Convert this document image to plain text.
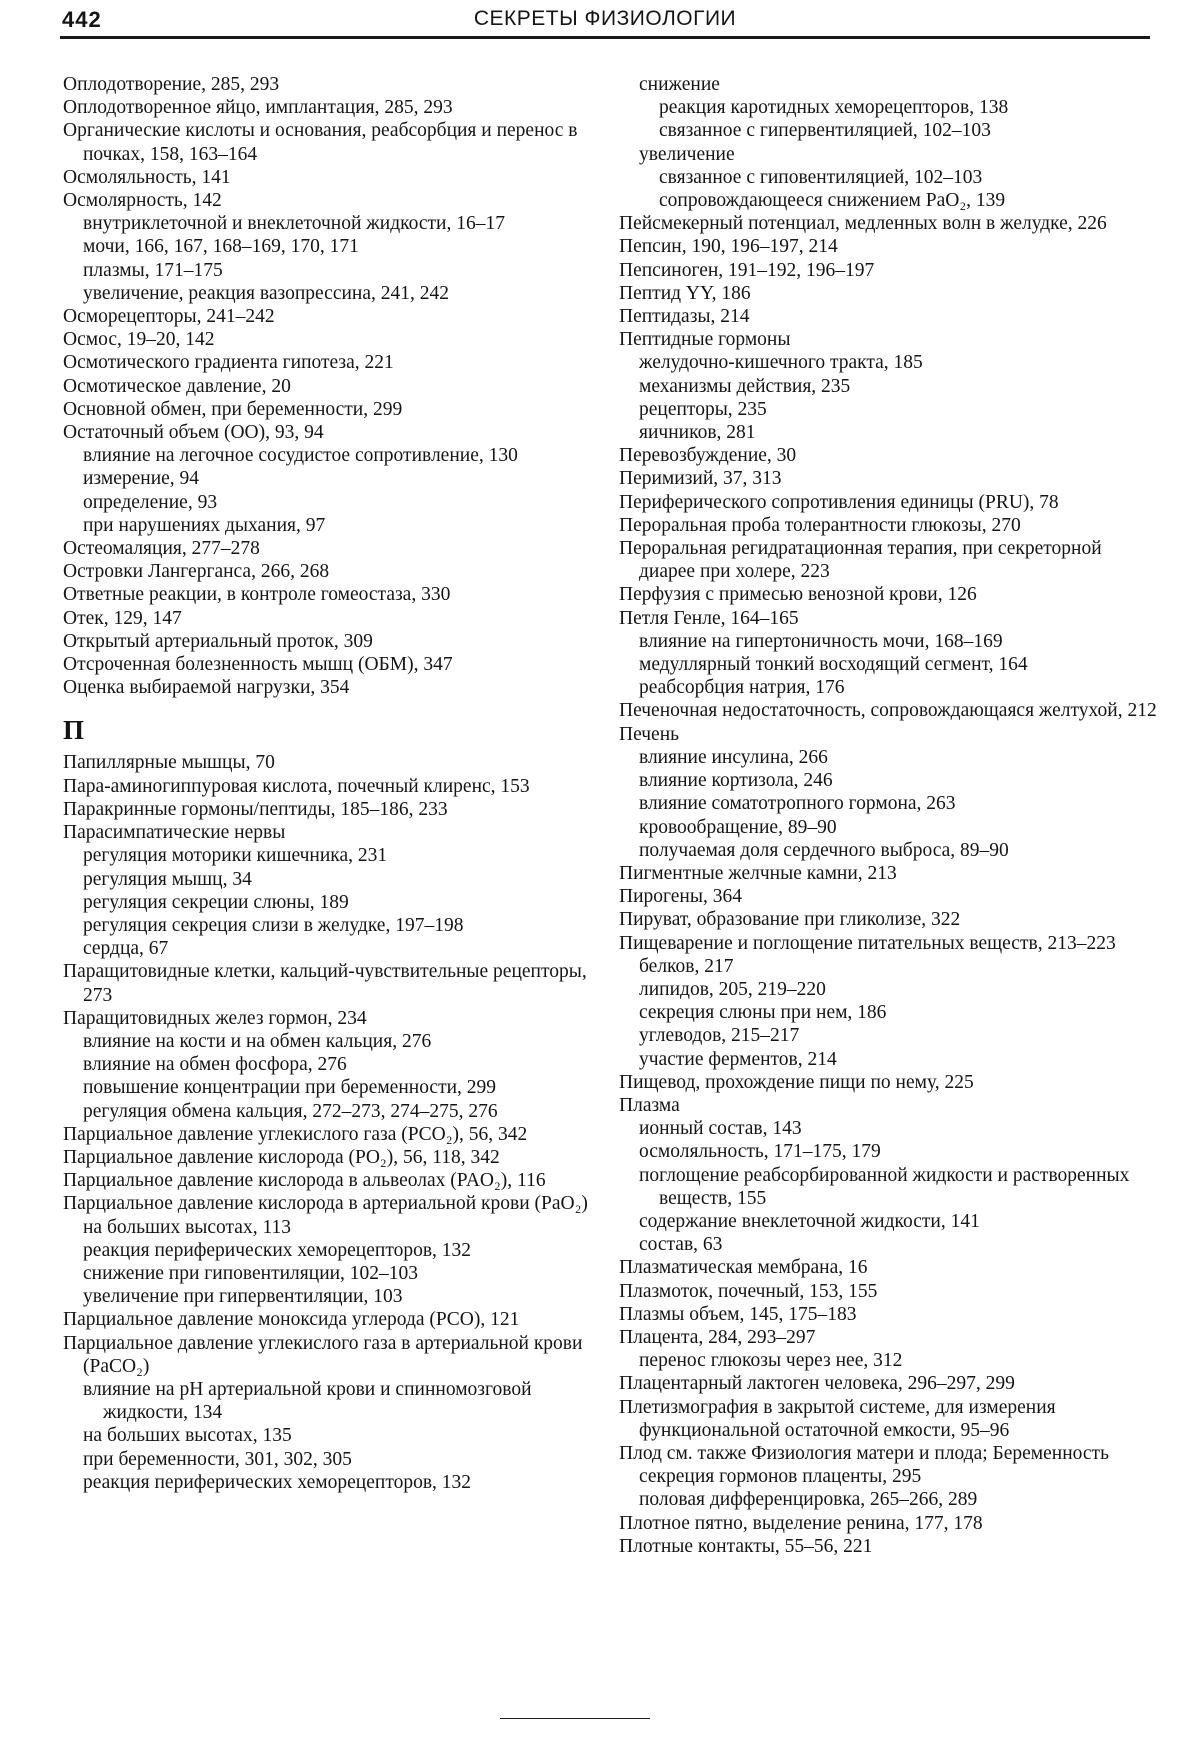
442	СЕКРЕТЫ ФИЗИОЛОГИИ
Оплодотворение, 285, 293
Оплодотворенное яйцо, имплантация, 285, 293
Органические кислоты и основания, реабсорбция и перенос в почках, 158, 163–164
Осмоляльность, 141
Осмолярность, 142
внутриклеточной и внеклеточной жидкости, 16–17
мочи, 166, 167, 168–169, 170, 171
плазмы, 171–175
увеличение, реакция вазопрессина, 241, 242
Осморецепторы, 241–242
Осмос, 19–20, 142
Осмотического градиента гипотеза, 221
Осмотическое давление, 20
Основной обмен, при беременности, 299
Остаточный объем (ОО), 93, 94
влияние на легочное сосудистое сопротивление, 130
измерение, 94
определение, 93
при нарушениях дыхания, 97
Остеомаляция, 277–278
Островки Лангерганса, 266, 268
Ответные реакции, в контроле гомеостаза, 330
Отек, 129, 147
Открытый артериальный проток, 309
Отсроченная болезненность мышц (ОБМ), 347
Оценка выбираемой нагрузки, 354
П
Папиллярные мышцы, 70
Пара-аминогиппуровая кислота, почечный клиренс, 153
Паракринные гормоны/пептиды, 185–186, 233
Парасимпатические нервы
регуляция моторики кишечника, 231
регуляция мышц, 34
регуляция секреции слюны, 189
регуляция секреция слизи в желудке, 197–198
сердца, 67
Паращитовидные клетки, кальций-чувствительные рецепторы, 273
Паращитовидных желез гормон, 234
влияние на кости и на обмен кальция, 276
влияние на обмен фосфора, 276
повышение концентрации при беременности, 299
регуляция обмена кальция, 272–273, 274–275, 276
Парциальное давление углекислого газа (PCO₂), 56, 342
Парциальное давление кислорода (PO₂), 56, 118, 342
Парциальное давление кислорода в альвеолах (PAO₂), 116
Парциальное давление кислорода в артериальной крови (PaO₂)
на больших высотах, 113
реакция периферических хеморецепторов, 132
снижение при гиповентиляции, 102–103
увеличение при гипервентиляции, 103
Парциальное давление моноксида углерода (PCO), 121
Парциальное давление углекислого газа в артериальной крови (PaCO₂)
влияние на pH артериальной крови и спинномозговой жидкости, 134
на больших высотах, 135
при беременности, 301, 302, 305
реакция периферических хеморецепторов, 132
снижение
реакция каротидных хеморецепторов, 138
связанное с гипервентиляцией, 102–103
увеличение
связанное с гиповентиляцией, 102–103
сопровождающееся снижением PaO₂, 139
Пейсмекерный потенциал, медленных волн в желудке, 226
Пепсин, 190, 196–197, 214
Пепсиноген, 191–192, 196–197
Пептид YY, 186
Пептидазы, 214
Пептидные гормоны
желудочно-кишечного тракта, 185
механизмы действия, 235
рецепторы, 235
яичников, 281
Перевозбуждение, 30
Перимизий, 37, 313
Периферического сопротивления единицы (PRU), 78
Пероральная проба толерантности глюкозы, 270
Пероральная регидратационная терапия, при секреторной диарее при холере, 223
Перфузия с примесью венозной крови, 126
Петля Генле, 164–165
влияние на гипертоничность мочи, 168–169
медуллярный тонкий восходящий сегмент, 164
реабсорбция натрия, 176
Печеночная недостаточность, сопровождающаяся желтухой, 212
Печень
влияние инсулина, 266
влияние кортизола, 246
влияние соматотропного гормона, 263
кровообращение, 89–90
получаемая доля сердечного выброса, 89–90
Пигментные желчные камни, 213
Пирогены, 364
Пируват, образование при гликолизе, 322
Пищеварение и поглощение питательных веществ, 213–223
белков, 217
липидов, 205, 219–220
секреция слюны при нем, 186
углеводов, 215–217
участие ферментов, 214
Пищевод, прохождение пищи по нему, 225
Плазма
ионный состав, 143
осмоляльность, 171–175, 179
поглощение реабсорбированной жидкости и растворенных веществ, 155
содержание внеклеточной жидкости, 141
состав, 63
Плазматическая мембрана, 16
Плазмоток, почечный, 153, 155
Плазмы объем, 145, 175–183
Плацента, 284, 293–297
перенос глюкозы через нее, 312
Плацентарный лактоген человека, 296–297, 299
Плетизмография в закрытой системе, для измерения функциональной остаточной емкости, 95–96
Плод см. также Физиология матери и плода; Беременность
секреция гормонов плаценты, 295
половая дифференцировка, 265–266, 289
Плотное пятно, выделение ренина, 177, 178
Плотные контакты, 55–56, 221
